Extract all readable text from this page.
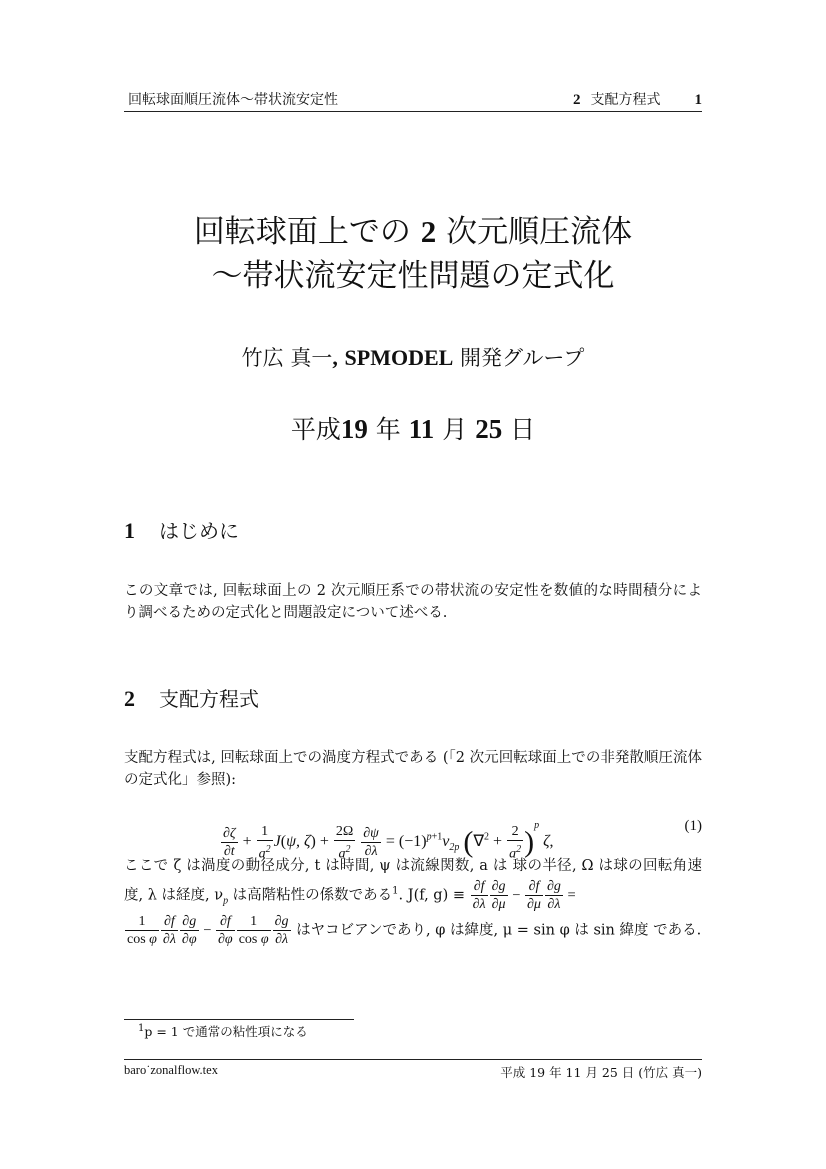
回転球面順圧流体〜帯状流安定性	2 支配方程式 1
回転球面上での 2 次元順圧流体
〜帯状流安定性問題の定式化
竹広 真一, SPMODEL 開発グループ
平成19 年 11 月 25 日
1 はじめに
この文章では, 回転球面上の 2 次元順圧系での帯状流の安定性を数値的な時間積分により調べるための定式化と問題設定について述べる.
2 支配方程式
支配方程式は, 回転球面上での渦度方程式である (「2 次元回転球面上での非発散順圧流体の定式化」参照):
$\frac{\partial\zeta}{\partial t} + \frac{1}{a^2} J(\psi$, $\zeta) + \frac{2\Omega}{a^2}$
$\frac{\partial\psi}{\partial\lambda} = (-1)^{p+1}\nu_{2p}$ $(\nabla^2 + \frac{2}{a^2} )^p$ ζ,
(1)
ここで ζ は渦度の動径成分, t は時間, ψ は流線関数, a は 球の半径, Ω は球の回転角速度, λ は経度, $\nu_p$ は高階粘性の係数である$^1$. J(f, $g) \equiv \frac{\partial f}{\partial\lambda} \frac{\partial g}{\partial\mu} - \frac{\partial f}{\partial\mu} \frac{\partial g}{\partial\lambda}$ =

$\frac{1}{\text{cos φ}} \frac{\partial f}{\partial\lambda} \frac{\partial g}{\partial\varphi} - \frac{\partial f}{\partial\varphi} \frac{1}{\text{cos φ}} \frac{\partial g}{\partial\lambda}$ はヤコビアンであり, φ は緯度, μ = sin φ は sin 緯度 である.
$^1$p = 1 で通常の粘性項になる
baro˙zonalflow.tex	平成 19 年 11 月 25 日 (竹広 真一)
